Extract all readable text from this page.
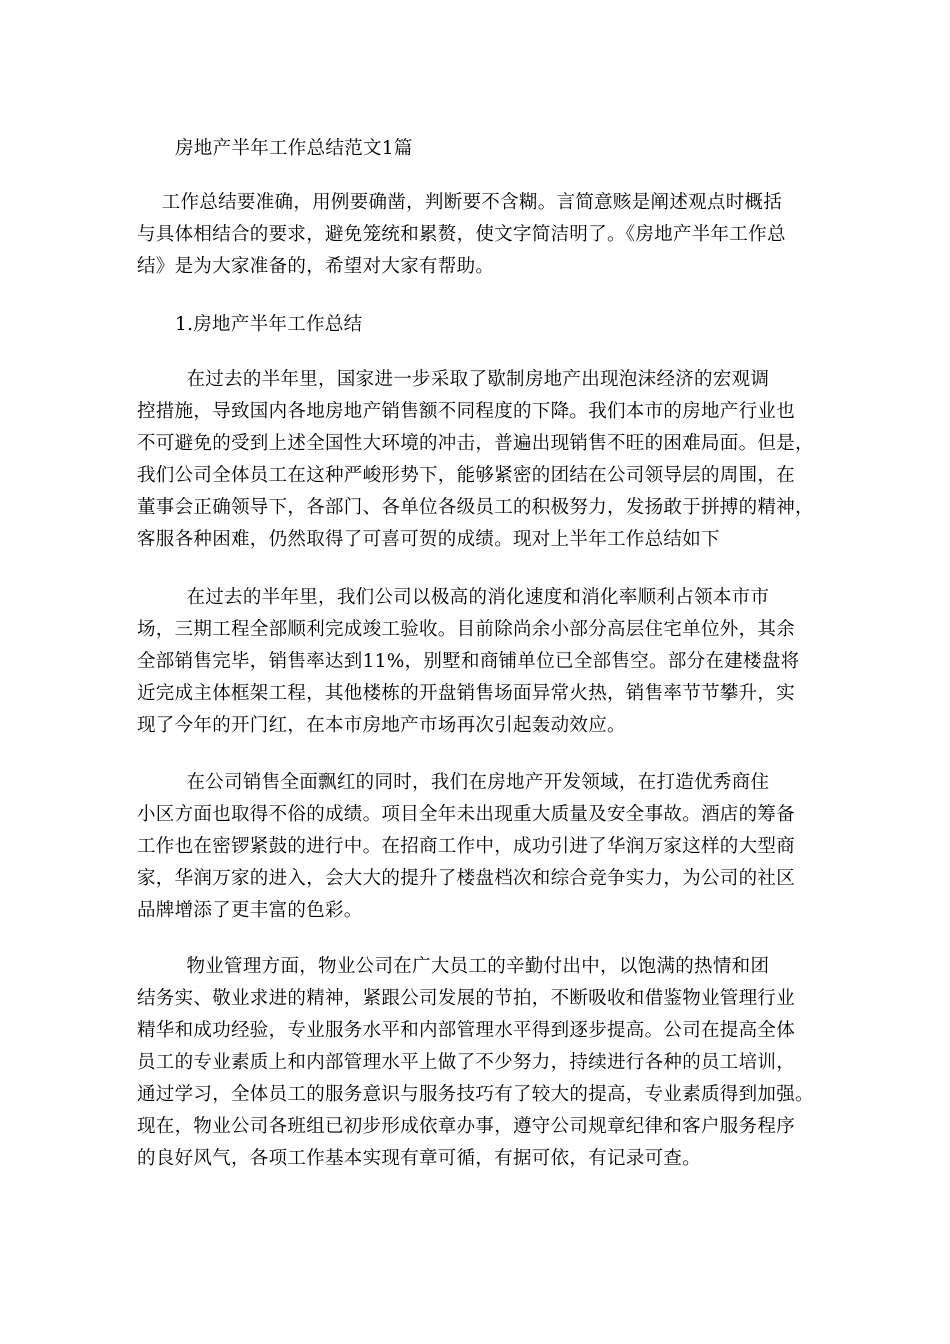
房地产半年工作总结范文1篇

工作总结要准确，用例要确凿，判断要不含糊。言简意赅是阐述观点时概括
与具体相结合的要求，避免笼统和累赘，使文字简洁明了。《房地产半年工作总
结》是为大家准备的，希望对大家有帮助。

1.房地产半年工作总结

在过去的半年里，国家进一步采取了歇制房地产出现泡沫经济的宏观调
控措施，导致国内各地房地产销售额不同程度的下降。我们本市的房地产行业也
不可避免的受到上述全国性大环境的冲击，普遍出现销售不旺的困难局面。但是，
我们公司全体员工在这种严峻形势下，能够紧密的团结在公司领导层的周围，在
董事会正确领导下，各部门、各单位各级员工的积极努力，发扬敢于拼搏的精神，
客服各种困难，仍然取得了可喜可贺的成绩。现对上半年工作总结如下

在过去的半年里，我们公司以极高的消化速度和消化率顺利占领本市市
场，三期工程全部顺利完成竣工验收。目前除尚余小部分高层住宅单位外，其余
全部销售完毕，销售率达到11%，别墅和商铺单位已全部售空。部分在建楼盘将
近完成主体框架工程，其他楼栋的开盘销售场面异常火热，销售率节节攀升，实
现了今年的开门红，在本市房地产市场再次引起轰动效应。

在公司销售全面飘红的同时，我们在房地产开发领域，在打造优秀商住
小区方面也取得不俗的成绩。项目全年未出现重大质量及安全事故。酒店的筹备
工作也在密锣紧鼓的进行中。在招商工作中，成功引进了华润万家这样的大型商
家，华润万家的进入，会大大的提升了楼盘档次和综合竞争实力，为公司的社区
品牌增添了更丰富的色彩。

物业管理方面，物业公司在广大员工的辛勤付出中，以饱满的热情和团
结务实、敬业求进的精神，紧跟公司发展的节拍，不断吸收和借鉴物业管理行业
精华和成功经验，专业服务水平和内部管理水平得到逐步提高。公司在提高全体
员工的专业素质上和内部管理水平上做了不少努力，持续进行各种的员工培训，
通过学习，全体员工的服务意识与服务技巧有了较大的提高，专业素质得到加强。
现在，物业公司各班组已初步形成依章办事，遵守公司规章纪律和客户服务程序
的良好风气，各项工作基本实现有章可循，有据可依，有记录可查。
